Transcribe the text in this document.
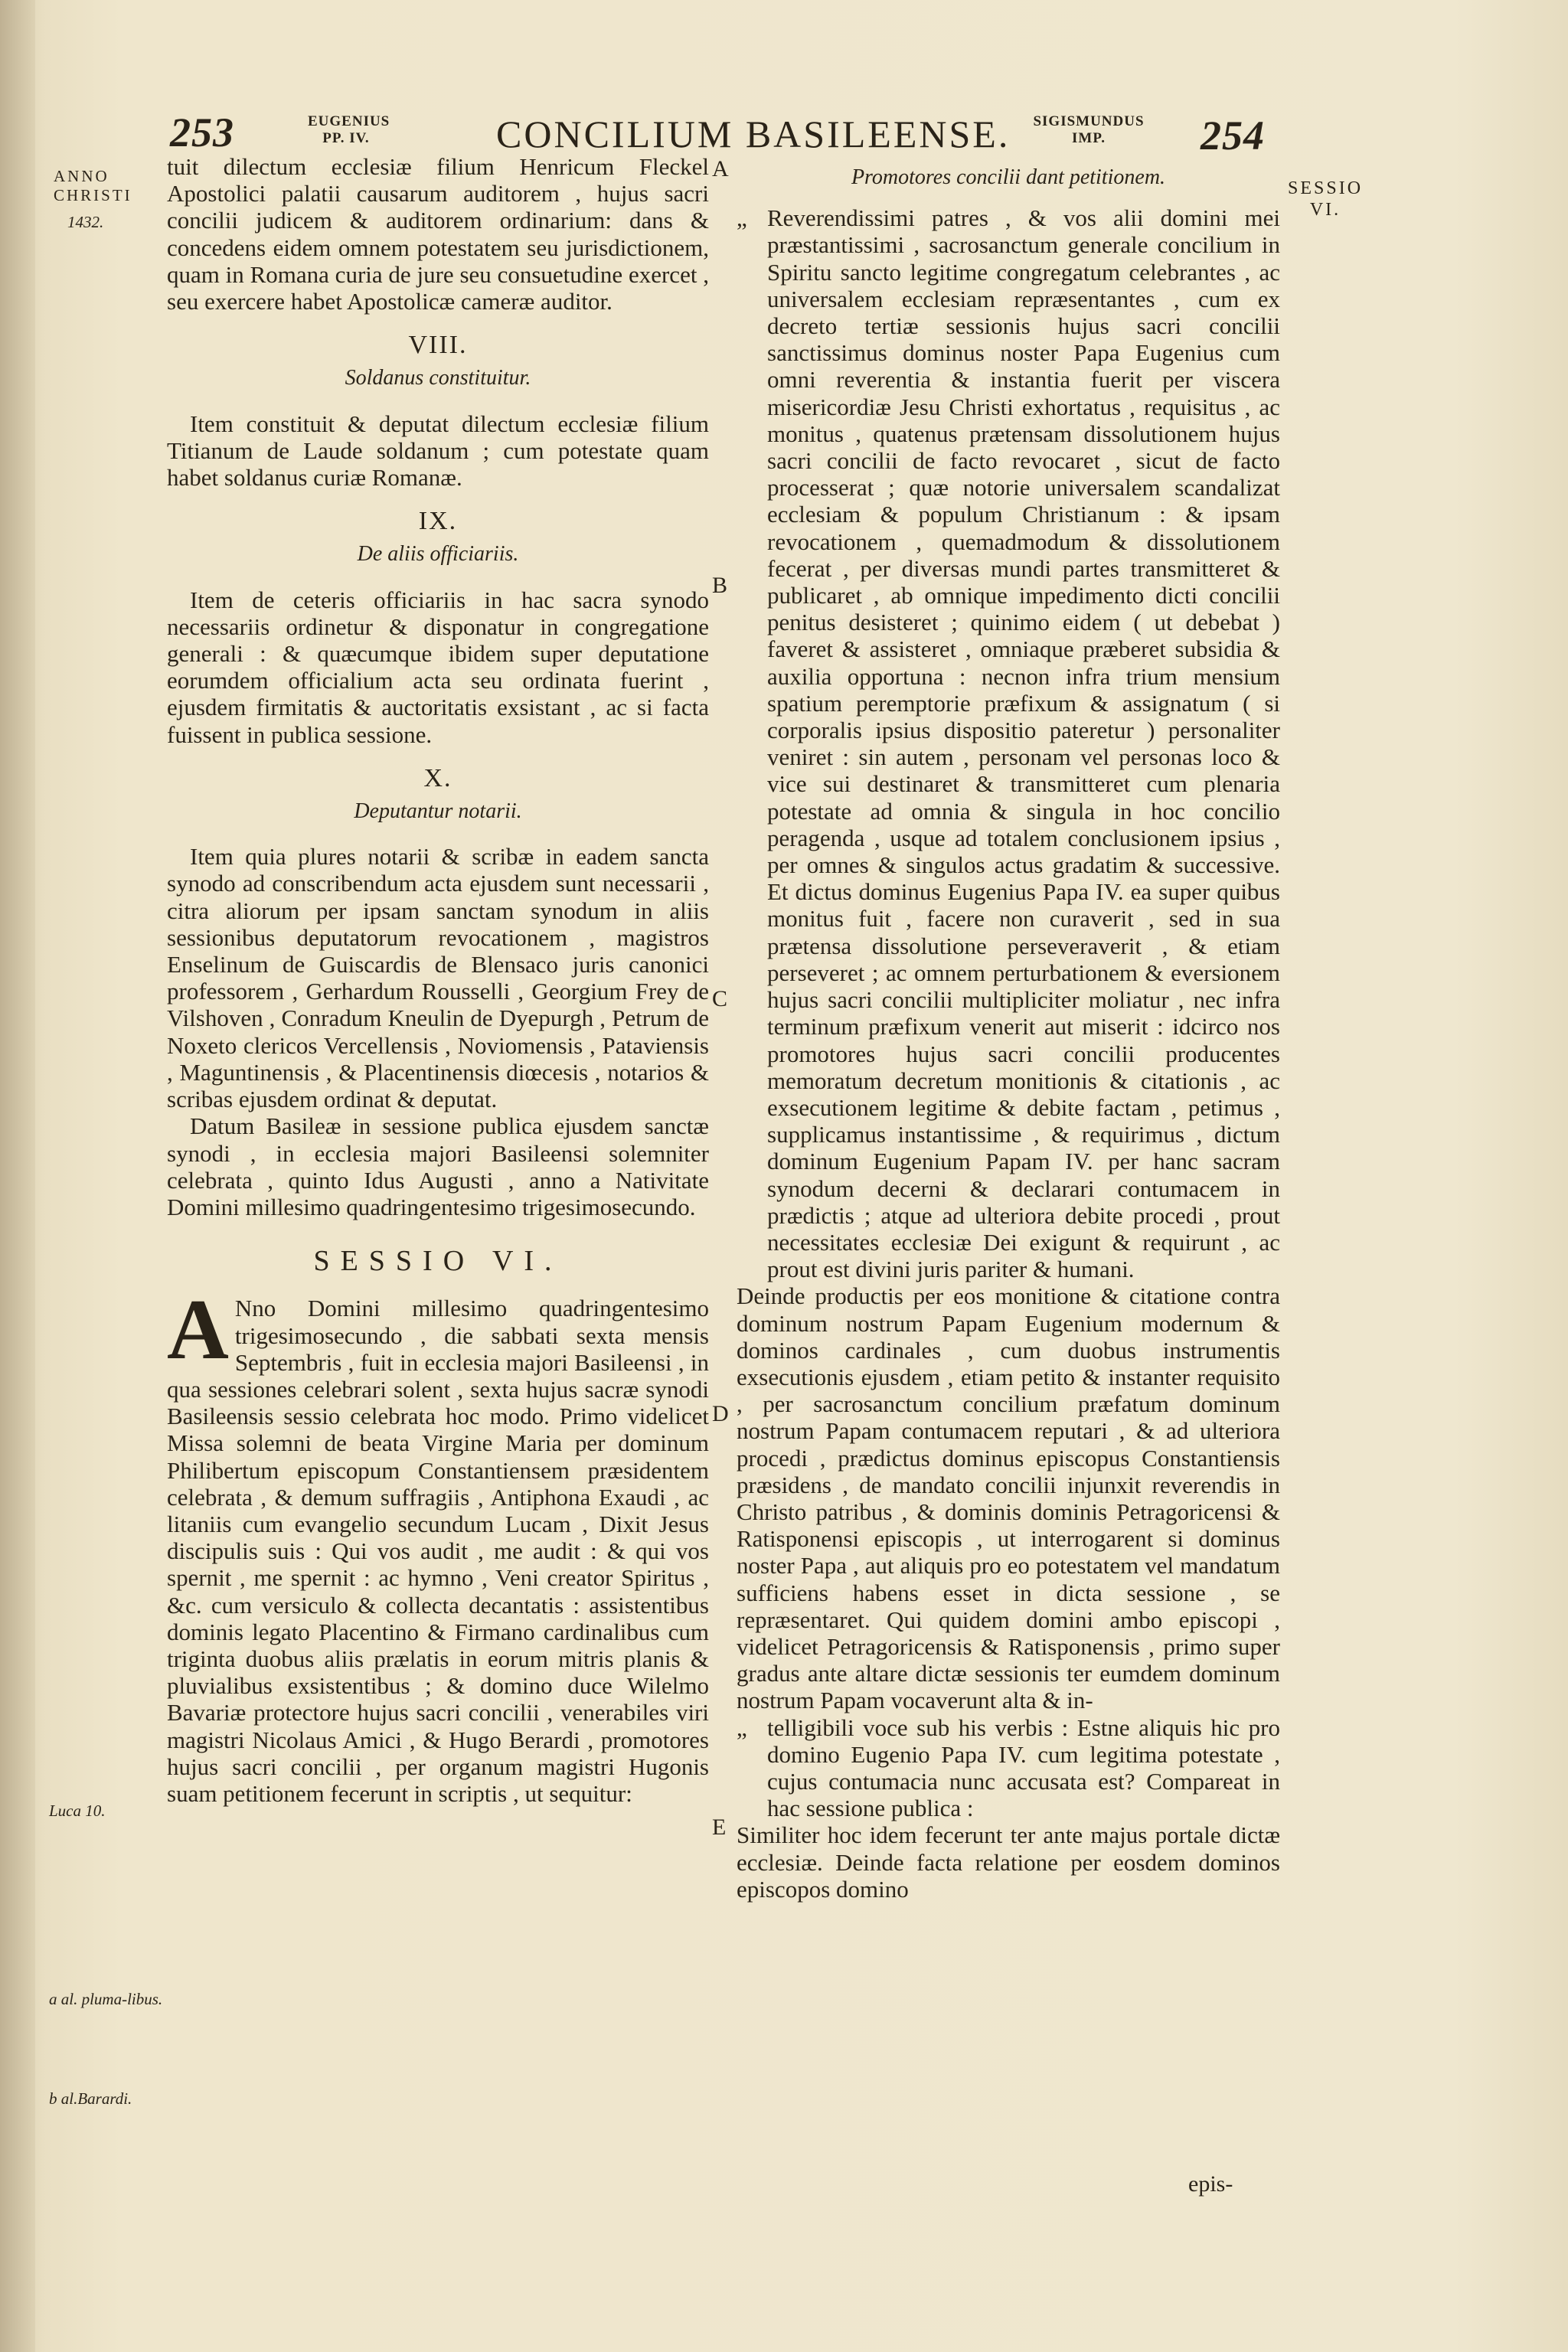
253	EUGENIUS PP. IV.	CONCILIUM BASILEENSE.	SIGISMUNDUS IMP.	254
ANNO
CHRISTI
1432.
SESSIO
VI.
Luca 10.
a al. pluma-libus.
b al.Barardi.
A
B
C
D
E

tuit dilectum ecclesiæ filium Henricum Fleckel Apostolici palatii causarum auditorem , hujus sacri concilii judicem & auditorem ordinarium: dans & concedens eidem omnem potestatem seu jurisdictionem, quam in Romana curia de jure seu consuetudine exercet , seu exercere habet Apostolicæ cameræ auditor.

VIII.
Soldanus constituitur.

Item constituit & deputat dilectum ecclesiæ filium Titianum de Laude soldanum ; cum potestate quam habet soldanus curiæ Romanæ.

IX.
De aliis officiariis.

Item de ceteris officiariis in hac sacra synodo necessariis ordinetur & disponatur in congregatione generali : & quæcumque ibidem super deputatione eorumdem officialium acta seu ordinata fuerint , ejusdem firmitatis & auctoritatis exsistant , ac si facta fuissent in publica sessione.

X.
Deputantur notarii.

Item quia plures notarii & scribæ in eadem sancta synodo ad conscribendum acta ejusdem sunt necessarii , citra aliorum per ipsam sanctam synodum in aliis sessionibus deputatorum revocationem , magistros Enselinum de Guiscardis de Blensaco juris canonici professorem , Gerhardum Rousselli , Georgium Frey de Vilshoven , Conradum Kneulin de Dyepurgh , Petrum de Noxeto clericos Vercellensis , Noviomensis , Pataviensis , Maguntinensis , & Placentinensis diœcesis , notarios & scribas ejusdem ordinat & deputat.

Datum Basileæ in sessione publica ejusdem sanctæ synodi , in ecclesia majori Basileensi solemniter celebrata , quinto Idus Augusti , anno a Nativitate Domini millesimo quadringentesimo trigesimosecundo.

SESSIO VI.

A Nno Domini millesimo quadringentesimo trigesimosecundo , die sabbati sexta mensis Septembris , fuit in ecclesia majori Basileensi , in qua sessiones celebrari solent , sexta hujus sacræ synodi Basileensis sessio celebrata hoc modo. Primo videlicet Missa solemni de beata Virgine Maria per dominum Philibertum episcopum Constantiensem præsidentem celebrata , & demum suffragiis , Antiphona Exaudi , ac litaniis cum evangelio secundum Lucam , Dixit Jesus discipulis suis : Qui vos audit , me audit : & qui vos spernit , me spernit : ac hymno , Veni creator Spiritus , &c. cum versiculo & collecta decantatis : assistentibus dominis legato Placentino & Firmano cardinalibus cum triginta duobus aliis prælatis in eorum mitris planis & pluvialibus exsistentibus ; & domino duce Wilelmo Bavariæ protectore hujus sacri concilii , venerabiles viri magistri Nicolaus Amici , & Hugo Berardi , promotores hujus sacri concilii , per organum magistri Hugonis suam petitionem fecerunt in scriptis , ut sequitur:

Promotores concilii dant petitionem.

„ Reverendissimi patres , & vos alii domini mei præstantissimi , sacrosanctum generale concilium in Spiritu sancto legitime congregatum celebrantes , ac universalem ecclesiam repræsentantes , cum ex decreto tertiæ sessionis hujus sacri concilii sanctissimus dominus noster Papa Eugenius cum omni reverentia & instantia fuerit per viscera misericordiæ Jesu Christi exhortatus , requisitus , ac monitus , quatenus prætensam dissolutionem hujus sacri concilii de facto revocaret , sicut de facto processerat ; quæ notorie universalem scandalizat ecclesiam & populum Christianum : & ipsam revocationem , quemadmodum & dissolutionem fecerat , per diversas mundi partes transmitteret & publicaret , ab omnique impedimento dicti concilii penitus desisteret ; quinimo eidem ( ut debebat ) faveret & assisteret , omniaque præberet subsidia & auxilia opportuna : necnon infra trium mensium spatium peremptorie præfixum & assignatum ( si corporalis ipsius dispositio pateretur ) personaliter veniret : sin autem , personam vel personas loco & vice sui destinaret & transmitteret cum plenaria potestate ad omnia & singula in hoc concilio peragenda , usque ad totalem conclusionem ipsius , per omnes & singulos actus gradatim & successive. Et dictus dominus Eugenius Papa IV. ea super quibus monitus fuit , facere non curaverit , sed in sua prætensa dissolutione perseveraverit , & etiam perseveret ; ac omnem perturbationem & eversionem hujus sacri concilii multipliciter moliatur , nec infra terminum præfixum venerit aut miserit : idcirco nos promotores hujus sacri concilii producentes memoratum decretum monitionis & citationis , ac exsecutionem legitime & debite factam , petimus , supplicamus instantissime , & requirimus , dictum dominum Eugenium Papam IV. per hanc sacram synodum decerni & declarari contumacem in prædictis ; atque ad ulteriora debite procedi , prout necessitates ecclesiæ Dei exigunt & requirunt , ac prout est divini juris pariter & humani.

Deinde productis per eos monitione & citatione contra dominum nostrum Papam Eugenium modernum & dominos cardinales , cum duobus instrumentis exsecutionis ejusdem , etiam petito & instanter requisito , per sacrosanctum concilium præfatum dominum nostrum Papam contumacem reputari , & ad ulteriora procedi , prædictus dominus episcopus Constantiensis præsidens , de mandato concilii injunxit reverendis in Christo patribus , & dominis dominis Petragoricensi & Ratisponensi episcopis , ut interrogarent si dominus noster Papa , aut aliquis pro eo potestatem vel mandatum sufficiens habens esset in dicta sessione , se repræsentaret. Qui quidem domini ambo episcopi , videlicet Petragoricensis & Ratisponensis , primo super gradus ante altare dictæ sessionis ter eumdem dominum nostrum Papam vocaverunt alta & in-

„ telligibili voce sub his verbis : Estne aliquis hic pro domino Eugenio Papa IV. cum legitima potestate , cujus contumacia nunc accusata est? Compareat in hac sessione publica :

Similiter hoc idem fecerunt ter ante majus portale dictæ ecclesiæ. Deinde facta relatione per eosdem dominos episcopos domino

epis-
